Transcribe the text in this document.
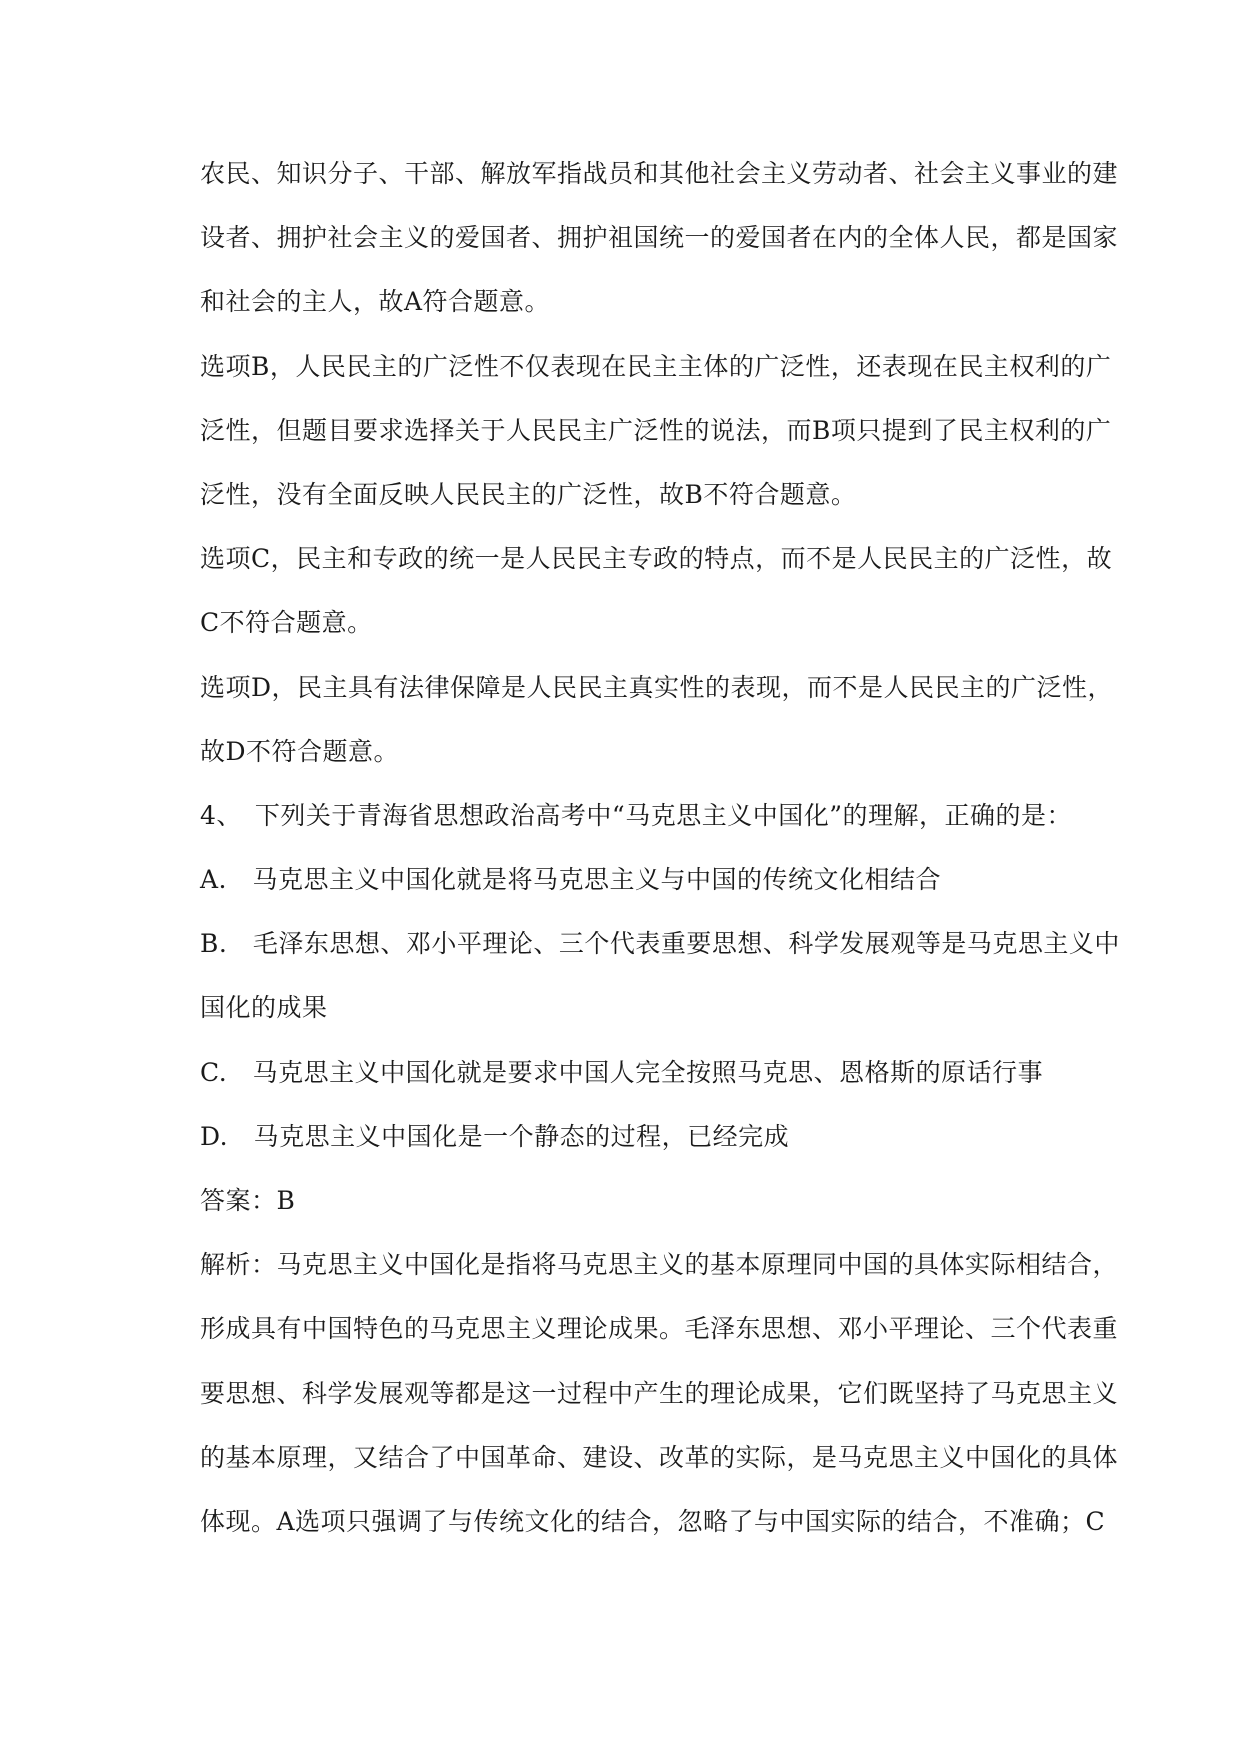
农民、知识分子、干部、解放军指战员和其他社会主义劳动者、社会主义事业的建
设者、拥护社会主义的爱国者、拥护祖国统一的爱国者在内的全体人民，都是国家
和社会的主人，故A符合题意。
选项B，人民民主的广泛性不仅表现在民主主体的广泛性，还表现在民主权利的广
泛性，但题目要求选择关于人民民主广泛性的说法，而B项只提到了民主权利的广
泛性，没有全面反映人民民主的广泛性，故B不符合题意。
选项C，民主和专政的统一是人民民主专政的特点，而不是人民民主的广泛性，故
C不符合题意。
选项D，民主具有法律保障是人民民主真实性的表现，而不是人民民主的广泛性，
故D不符合题意。
4、　下列关于青海省思想政治高考中“马克思主义中国化”的理解，正确的是：
A.　马克思主义中国化就是将马克思主义与中国的传统文化相结合
B.　毛泽东思想、邓小平理论、三个代表重要思想、科学发展观等是马克思主义中
国化的成果
C.　马克思主义中国化就是要求中国人完全按照马克思、恩格斯的原话行事
D.　马克思主义中国化是一个静态的过程，已经完成
答案：B
解析：马克思主义中国化是指将马克思主义的基本原理同中国的具体实际相结合，
形成具有中国特色的马克思主义理论成果。毛泽东思想、邓小平理论、三个代表重
要思想、科学发展观等都是这一过程中产生的理论成果，它们既坚持了马克思主义
的基本原理，又结合了中国革命、建设、改革的实际，是马克思主义中国化的具体
体现。A选项只强调了与传统文化的结合，忽略了与中国实际的结合，不准确；C
